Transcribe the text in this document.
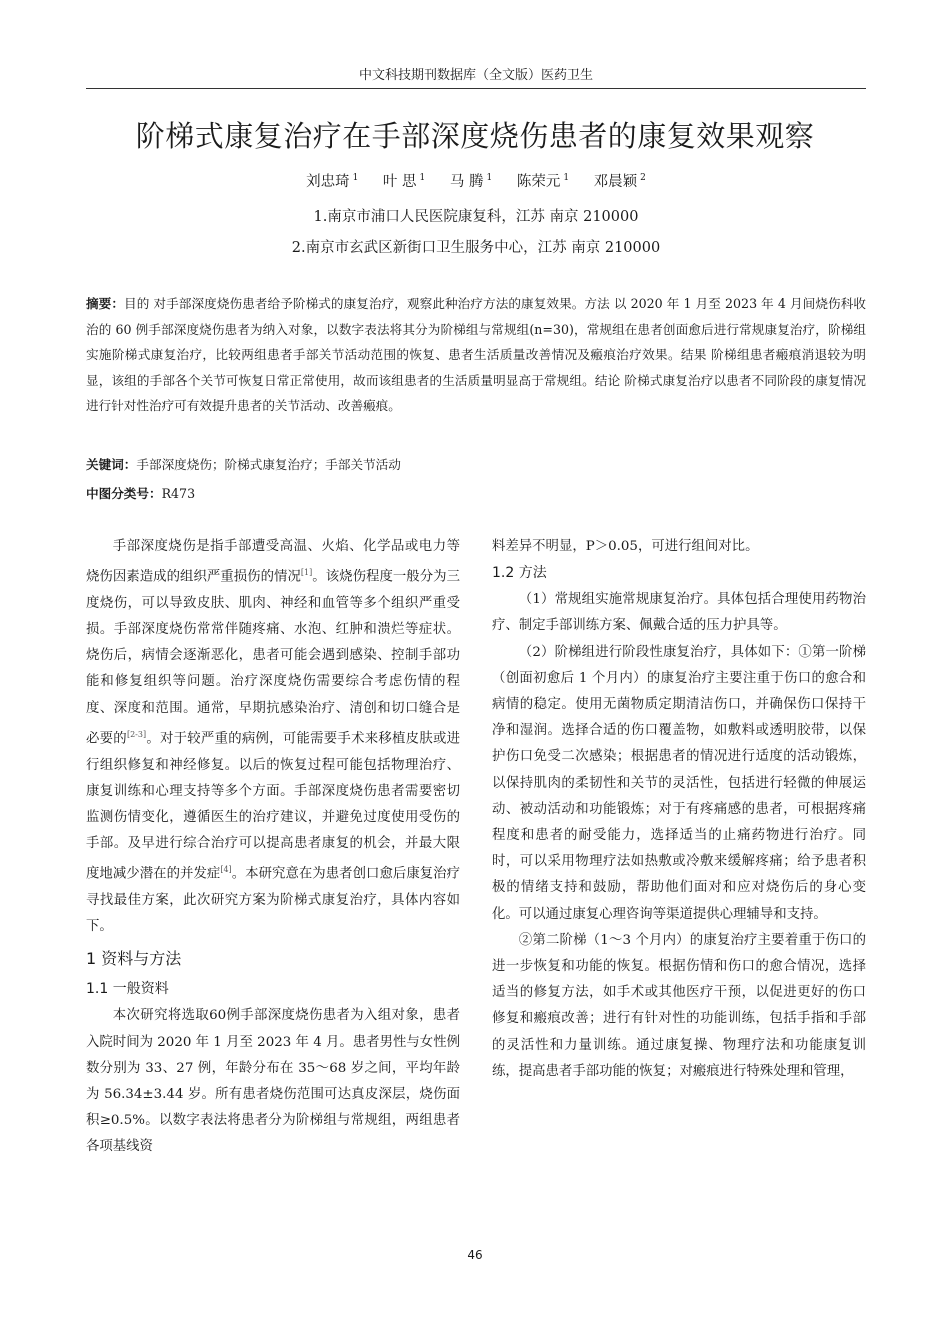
中文科技期刊数据库（全文版）医药卫生
阶梯式康复治疗在手部深度烧伤患者的康复效果观察
刘忠琦 $^1$ 叶 思 $^1$ 马 腾 $^1$ 陈荣元 $^1$ 邓晨颖 $^2$
1.南京市浦口人民医院康复科，江苏 南京 210000
2.南京市玄武区新街口卫生服务中心，江苏 南京 210000

摘要：目的 对手部深度烧伤患者给予阶梯式的康复治疗，观察此种治疗方法的康复效果。方法 以 2020 年 1 月至 2023 年 4 月间烧伤科收治的 60 例手部深度烧伤患者为纳入对象，以数字表法将其分为阶梯组与常规组(n=30)，常规组在患者创面愈后进行常规康复治疗，阶梯组实施阶梯式康复治疗，比较两组患者手部关节活动范围的恢复、患者生活质量改善情况及瘢痕治疗效果。结果 阶梯组患者瘢痕消退较为明显，该组的手部各个关节可恢复日常正常使用，故而该组患者的生活质量明显高于常规组。结论 阶梯式康复治疗以患者不同阶段的康复情况进行针对性治疗可有效提升患者的关节活动、改善瘢痕。

关键词：手部深度烧伤；阶梯式康复治疗；手部关节活动
中图分类号：R473

手部深度烧伤是指手部遭受高温、火焰、化学品或电力等烧伤因素造成的组织严重损伤的情况[1]。该烧伤程度一般分为三度烧伤，可以导致皮肤、肌肉、神经和血管等多个组织严重受损。手部深度烧伤常常伴随疼痛、水泡、红肿和溃烂等症状。烧伤后，病情会逐渐恶化，患者可能会遇到感染、控制手部功能和修复组织等问题。治疗深度烧伤需要综合考虑伤情的程度、深度和范围。通常，早期抗感染治疗、清创和切口缝合是必要的[2-3]。对于较严重的病例，可能需要手术来移植皮肤或进行组织修复和神经修复。以后的恢复过程可能包括物理治疗、康复训练和心理支持等多个方面。手部深度烧伤患者需要密切监测伤情变化，遵循医生的治疗建议，并避免过度使用受伤的手部。及早进行综合治疗可以提高患者康复的机会，并最大限度地减少潜在的并发症[4]。本研究意在为患者创口愈后康复治疗寻找最佳方案，此次研究方案为阶梯式康复治疗，具体内容如下。

1 资料与方法

1.1 一般资料

本次研究将选取60例手部深度烧伤患者为入组对象，患者入院时间为 2020 年 1 月至 2023 年 4 月。患者男性与女性例数分别为 33、27 例，年龄分布在 35～68 岁之间，平均年龄为 56.34±3.44 岁。所有患者烧伤范围可达真皮深层，烧伤面积≥0.5%。以数字表法将患者分为阶梯组与常规组，两组患者各项基线资

料差异不明显，P＞0.05，可进行组间对比。

1.2 方法

（1）常规组实施常规康复治疗。具体包括合理使用药物治疗、制定手部训练方案、佩戴合适的压力护具等。

（2）阶梯组进行阶段性康复治疗，具体如下：①第一阶梯（创面初愈后 1 个月内）的康复治疗主要注重于伤口的愈合和病情的稳定。使用无菌物质定期清洁伤口，并确保伤口保持干净和湿润。选择合适的伤口覆盖物，如敷料或透明胶带，以保护伤口免受二次感染；根据患者的情况进行适度的活动锻炼，以保持肌肉的柔韧性和关节的灵活性，包括进行轻微的伸展运动、被动活动和功能锻炼；对于有疼痛感的患者，可根据疼痛程度和患者的耐受能力，选择适当的止痛药物进行治疗。同时，可以采用物理疗法如热敷或冷敷来缓解疼痛；给予患者积极的情绪支持和鼓励，帮助他们面对和应对烧伤后的身心变化。可以通过康复心理咨询等渠道提供心理辅导和支持。

②第二阶梯（1～3 个月内）的康复治疗主要着重于伤口的进一步恢复和功能的恢复。根据伤情和伤口的愈合情况，选择适当的修复方法，如手术或其他医疗干预，以促进更好的伤口修复和瘢痕改善；进行有针对性的功能训练，包括手指和手部的灵活性和力量训练。通过康复操、物理疗法和功能康复训练，提高患者手部功能的恢复；对瘢痕进行特殊处理和管理，

46
